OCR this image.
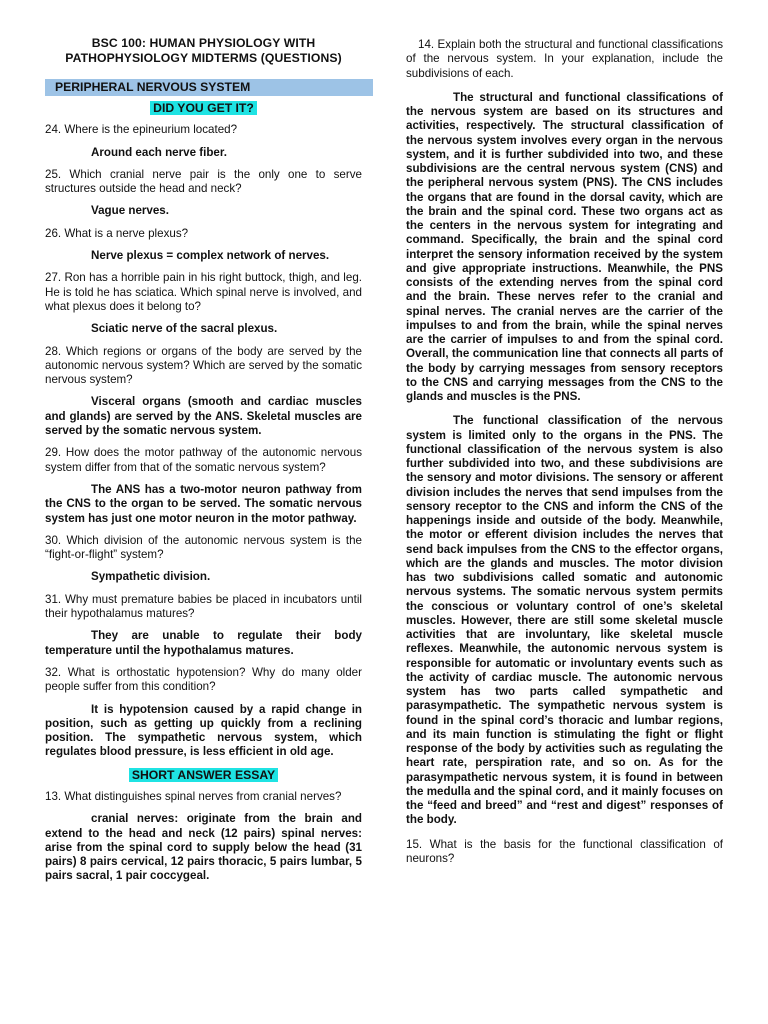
BSC 100: HUMAN PHYSIOLOGY WITH
PATHOPHYSIOLOGY MIDTERMS (QUESTIONS)
PERIPHERAL NERVOUS SYSTEM
DID YOU GET IT?

24. Where is the epineurium located?

Around each nerve fiber.

25. Which cranial nerve pair is the only one to serve structures outside the head and neck?

Vague nerves.

26. What is a nerve plexus?

Nerve plexus = complex network of nerves.

27. Ron has a horrible pain in his right buttock, thigh, and leg. He is told he has sciatica. Which spinal nerve is involved, and what plexus does it belong to?

Sciatic nerve of the sacral plexus.

28. Which regions or organs of the body are served by the autonomic nervous system? Which are served by the somatic nervous system?

Visceral organs (smooth and cardiac muscles and glands) are served by the ANS. Skeletal muscles are served by the somatic nervous system.

29. How does the motor pathway of the autonomic nervous system differ from that of the somatic nervous system?

The ANS has a two-motor neuron pathway from the CNS to the organ to be served. The somatic nervous system has just one motor neuron in the motor pathway.

30. Which division of the autonomic nervous system is the “fight-or-flight” system?

Sympathetic division.

31. Why must premature babies be placed in incubators until their hypothalamus matures?

They are unable to regulate their body temperature until the hypothalamus matures.

32. What is orthostatic hypotension? Why do many older people suffer from this condition?

It is hypotension caused by a rapid change in position, such as getting up quickly from a reclining position. The sympathetic nervous system, which regulates blood pressure, is less efficient in old age.

SHORT ANSWER ESSAY

13. What distinguishes spinal nerves from cranial nerves?

cranial nerves: originate from the brain and extend to the head and neck (12 pairs) spinal nerves: arise from the spinal cord to supply below the head (31 pairs) 8 pairs cervical, 12 pairs thoracic, 5 pairs lumbar, 5 pairs sacral, 1 pair coccygeal.

14. Explain both the structural and functional classifications of the nervous system. In your explanation, include the subdivisions of each.

The structural and functional classifications of the nervous system are based on its structures and activities, respectively. The structural classification of the nervous system involves every organ in the nervous system, and it is further subdivided into two, and these subdivisions are the central nervous system (CNS) and the peripheral nervous system (PNS). The CNS includes the organs that are found in the dorsal cavity, which are the brain and the spinal cord. These two organs act as the centers in the nervous system for integrating and command. Specifically, the brain and the spinal cord interpret the sensory information received by the system and give appropriate instructions. Meanwhile, the PNS consists of the extending nerves from the spinal cord and the brain. These nerves refer to the cranial and spinal nerves. The cranial nerves are the carrier of the impulses to and from the brain, while the spinal nerves are the carrier of impulses to and from the spinal cord. Overall, the communication line that connects all parts of the body by carrying messages from sensory receptors to the CNS and carrying messages from the CNS to the glands and muscles is the PNS.

The functional classification of the nervous system is limited only to the organs in the PNS. The functional classification of the nervous system is also further subdivided into two, and these subdivisions are the sensory and motor divisions. The sensory or afferent division includes the nerves that send impulses from the sensory receptor to the CNS and inform the CNS of the happenings inside and outside of the body. Meanwhile, the motor or efferent division includes the nerves that send back impulses from the CNS to the effector organs, which are the glands and muscles. The motor division has two subdivisions called somatic and autonomic nervous systems. The somatic nervous system permits the conscious or voluntary control of one’s skeletal muscles. However, there are still some skeletal muscle activities that are involuntary, like skeletal muscle reflexes. Meanwhile, the autonomic nervous system is responsible for automatic or involuntary events such as the activity of cardiac muscle. The autonomic nervous system has two parts called sympathetic and parasympathetic. The sympathetic nervous system is found in the spinal cord’s thoracic and lumbar regions, and its main function is stimulating the fight or flight response of the body by activities such as regulating the heart rate, perspiration rate, and so on. As for the parasympathetic nervous system, it is found in between the medulla and the spinal cord, and it mainly focuses on the “feed and breed” and “rest and digest” responses of the body.

15. What is the basis for the functional classification of neurons?
